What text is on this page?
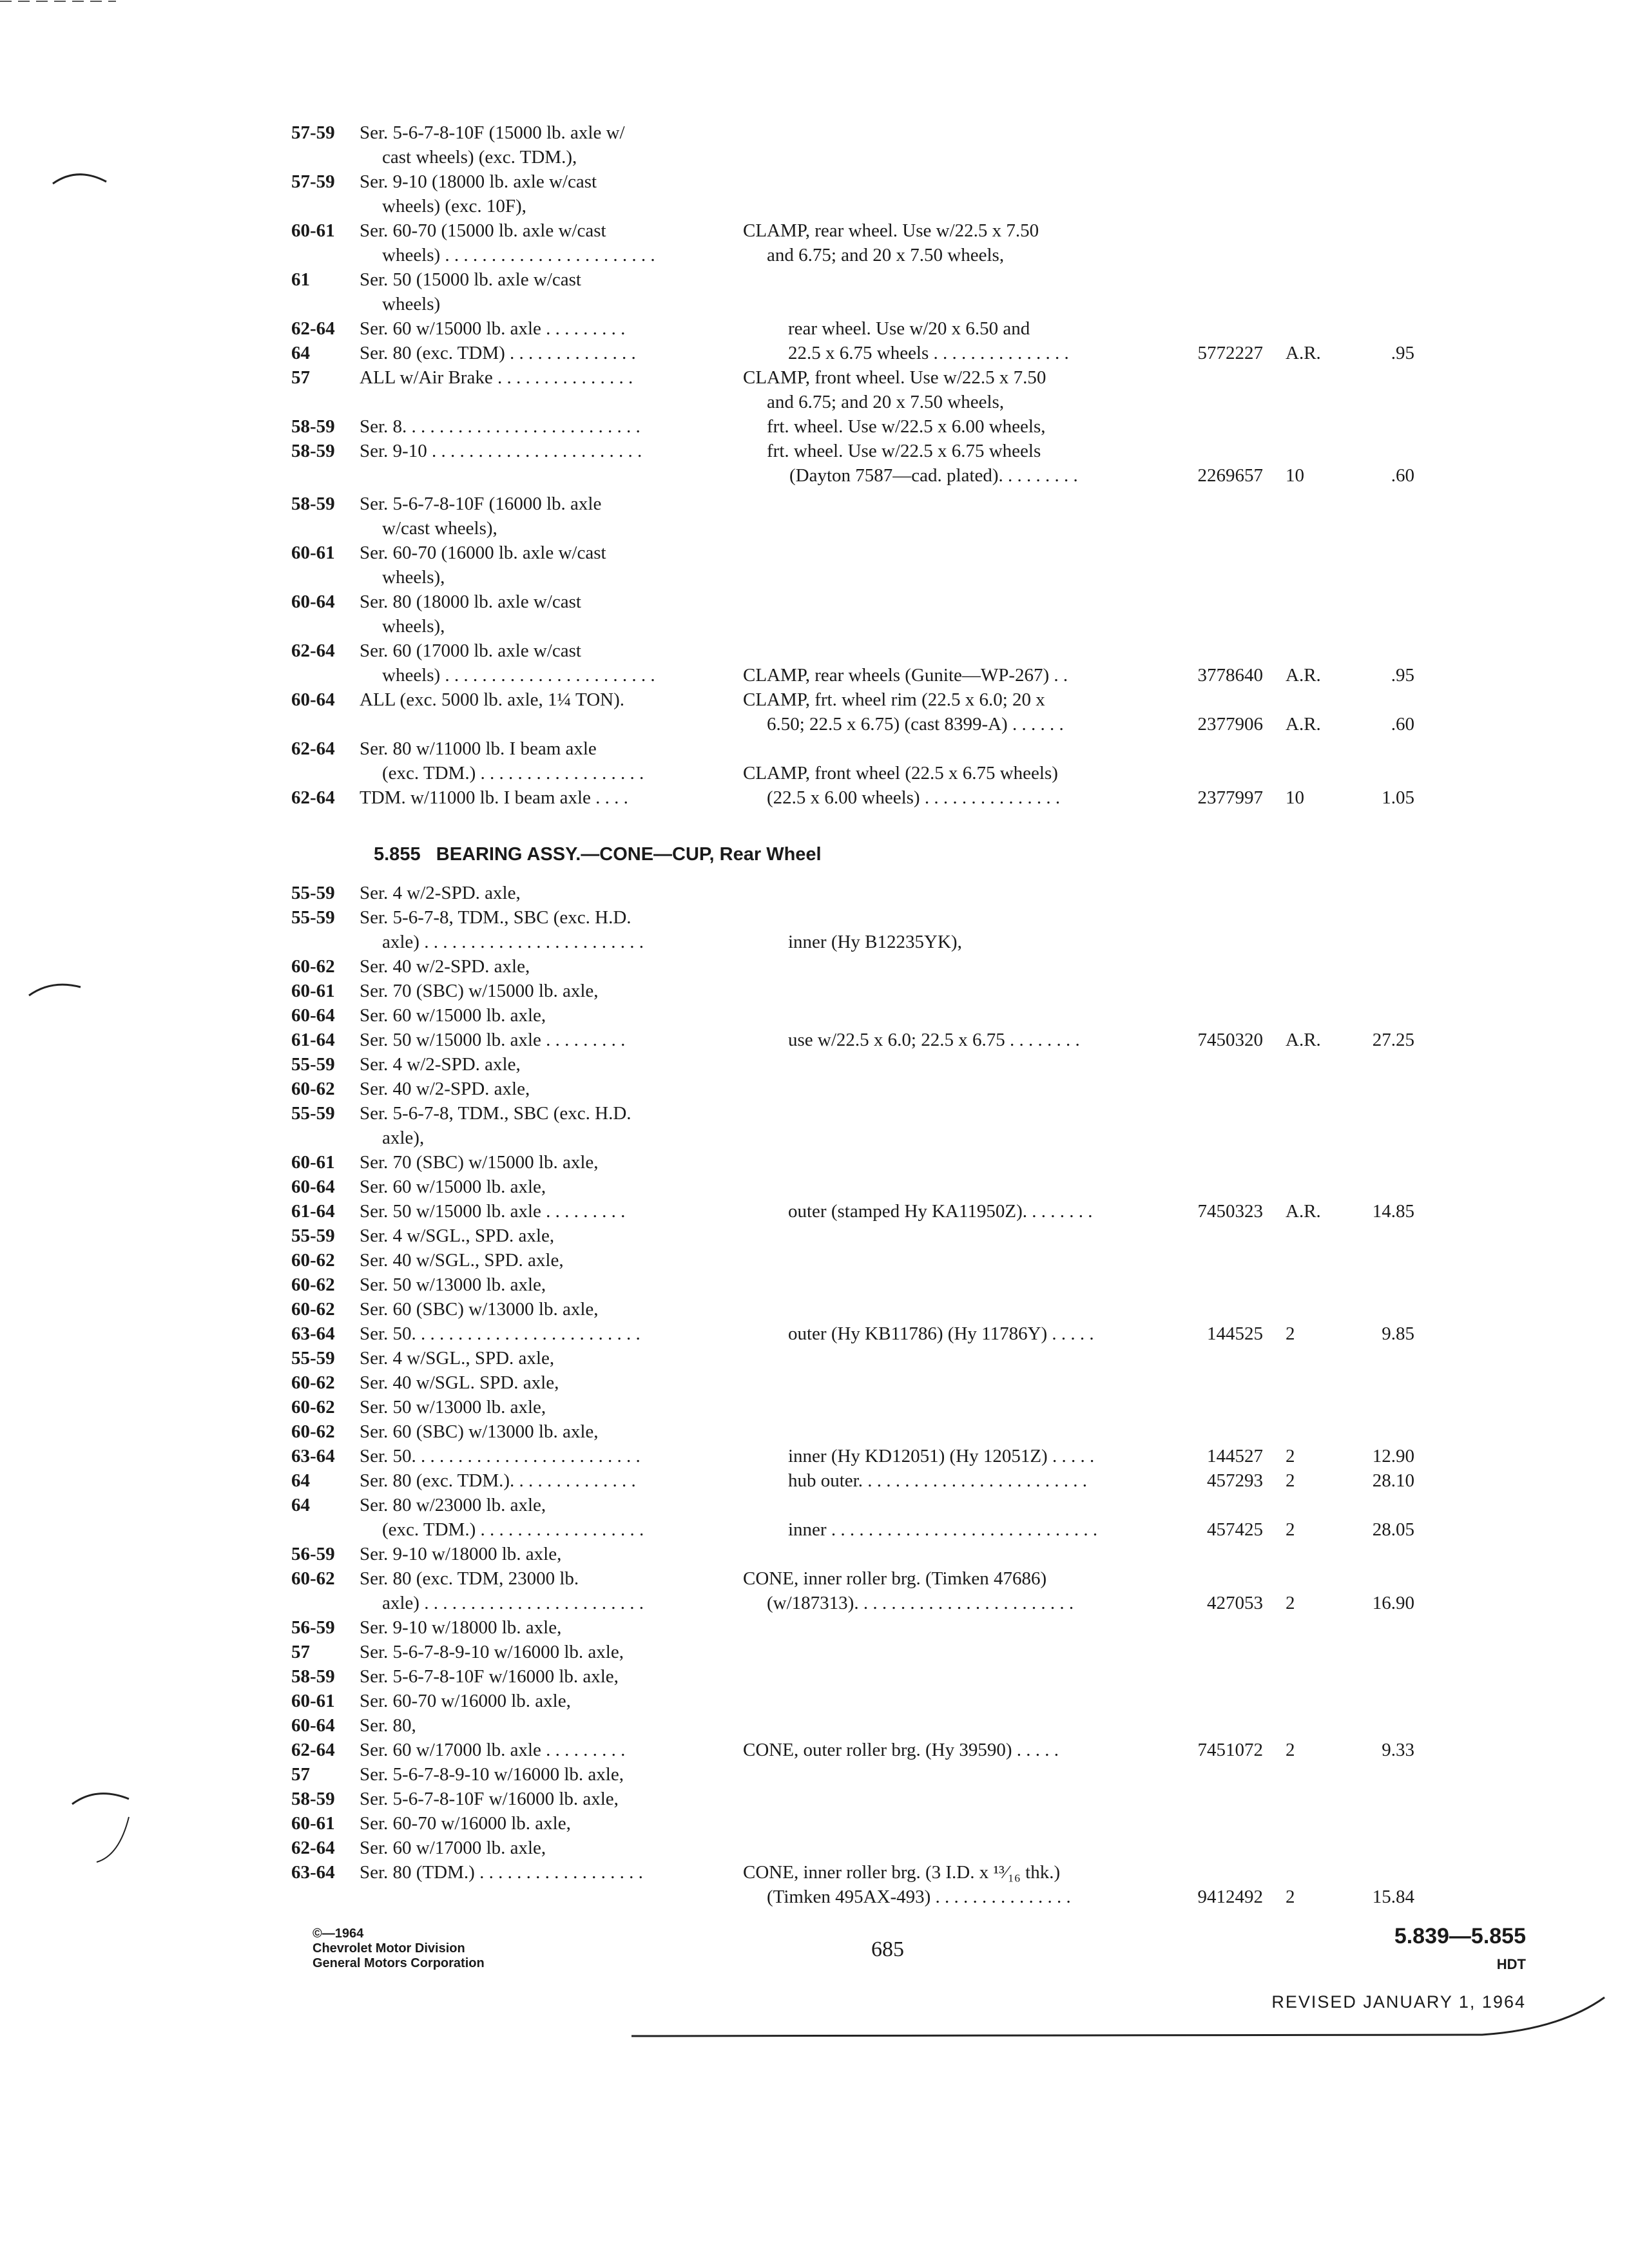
57-59 Ser. 5-6-7-8-10F (15000 lb. axle w/
cast wheels) (exc. TDM.),
57-59 Ser. 9-10 (18000 lb. axle w/cast
wheels) (exc. 10F),
60-61 Ser. 60-70 (15000 lb. axle w/cast	CLAMP, rear wheel. Use w/22.5 x 7.50
wheels) . . . . . . . . . . . . . . . . . . . . . . .	and 6.75; and 20 x 7.50 wheels,
61	Ser. 50 (15000 lb. axle w/cast
wheels)
62-64 Ser. 60 w/15000 lb. axle . . . . . . . . .	rear wheel. Use w/20 x 6.50 and
64	Ser. 80 (exc. TDM) . . . . . . . . . . . . . .	22.5 x 6.75 wheels . . . . . . . . . . . . . . .	5772227 A.R.	.95
57	ALL w/Air Brake . . . . . . . . . . . . . . .	CLAMP, front wheel. Use w/22.5 x 7.50
and 6.75; and 20 x 7.50 wheels,
58-59 Ser. 8. . . . . . . . . . . . . . . . . . . . . . . . . .	frt. wheel. Use w/22.5 x 6.00 wheels,
58-59 Ser. 9-10 . . . . . . . . . . . . . . . . . . . . . . .	frt. wheel. Use w/22.5 x 6.75 wheels
(Dayton 7587—cad. plated). . . . . . . . .	2269657 10	.60
58-59 Ser. 5-6-7-8-10F (16000 lb. axle
w/cast wheels),
60-61 Ser. 60-70 (16000 lb. axle w/cast
wheels),
60-64 Ser. 80 (18000 lb. axle w/cast
wheels),
62-64 Ser. 60 (17000 lb. axle w/cast
wheels) . . . . . . . . . . . . . . . . . . . . . . .	CLAMP, rear wheels (Gunite—WP-267) . .	3778640 A.R.	.95
60-64 ALL (exc. 5000 lb. axle, 1¼ TON).	CLAMP, frt. wheel rim (22.5 x 6.0; 20 x
6.50; 22.5 x 6.75) (cast 8399-A) . . . . . .	2377906 A.R.	.60
62-64 Ser. 80 w/11000 lb. I beam axle
(exc. TDM.) . . . . . . . . . . . . . . . . . .	CLAMP, front wheel (22.5 x 6.75 wheels)
62-64 TDM. w/11000 lb. I beam axle . . . .	(22.5 x 6.00 wheels) . . . . . . . . . . . . . . .	2377997 10	1.05
55-59 Ser. 4 w/2-SPD. axle,
55-59 Ser. 5-6-7-8, TDM., SBC (exc. H.D.
axle) . . . . . . . . . . . . . . . . . . . . . . . .	inner (Hy B12235YK),
60-62 Ser. 40 w/2-SPD. axle,
60-61 Ser. 70 (SBC) w/15000 lb. axle,
60-64 Ser. 60 w/15000 lb. axle,
61-64 Ser. 50 w/15000 lb. axle . . . . . . . . .	use w/22.5 x 6.0; 22.5 x 6.75 . . . . . . . .	7450320 A.R.	27.25
55-59 Ser. 4 w/2-SPD. axle,
60-62 Ser. 40 w/2-SPD. axle,
55-59 Ser. 5-6-7-8, TDM., SBC (exc. H.D.
axle),
60-61 Ser. 70 (SBC) w/15000 lb. axle,
60-64 Ser. 60 w/15000 lb. axle,
61-64 Ser. 50 w/15000 lb. axle . . . . . . . . .	outer (stamped Hy KA11950Z). . . . . . . .	7450323 A.R.	14.85
55-59 Ser. 4 w/SGL., SPD. axle,
60-62 Ser. 40 w/SGL., SPD. axle,
60-62 Ser. 50 w/13000 lb. axle,
60-62 Ser. 60 (SBC) w/13000 lb. axle,
63-64 Ser. 50. . . . . . . . . . . . . . . . . . . . . . . . .	outer (Hy KB11786) (Hy 11786Y) . . . . .	144525 2	9.85
55-59 Ser. 4 w/SGL., SPD. axle,
60-62 Ser. 40 w/SGL. SPD. axle,
60-62 Ser. 50 w/13000 lb. axle,
60-62 Ser. 60 (SBC) w/13000 lb. axle,
63-64 Ser. 50. . . . . . . . . . . . . . . . . . . . . . . . .	inner (Hy KD12051) (Hy 12051Z) . . . . .	144527 2	12.90
64	Ser. 80 (exc. TDM.). . . . . . . . . . . . . .	hub outer. . . . . . . . . . . . . . . . . . . . . . . . .	457293 2	28.10
64	Ser. 80 w/23000 lb. axle,
(exc. TDM.) . . . . . . . . . . . . . . . . . .	inner . . . . . . . . . . . . . . . . . . . . . . . . . . . . .	457425 2	28.05
56-59 Ser. 9-10 w/18000 lb. axle,
60-62 Ser. 80 (exc. TDM, 23000 lb.	CONE, inner roller brg. (Timken 47686)
axle) . . . . . . . . . . . . . . . . . . . . . . . .	(w/187313). . . . . . . . . . . . . . . . . . . . . . . .	427053 2	16.90
56-59 Ser. 9-10 w/18000 lb. axle,
57	Ser. 5-6-7-8-9-10 w/16000 lb. axle,
58-59 Ser. 5-6-7-8-10F w/16000 lb. axle,
60-61 Ser. 60-70 w/16000 lb. axle,
60-64 Ser. 80,
62-64 Ser. 60 w/17000 lb. axle . . . . . . . . .	CONE, outer roller brg. (Hy 39590) . . . . .	7451072 2	9.33
57	Ser. 5-6-7-8-9-10 w/16000 lb. axle,
58-59 Ser. 5-6-7-8-10F w/16000 lb. axle,
60-61 Ser. 60-70 w/16000 lb. axle,
62-64 Ser. 60 w/17000 lb. axle,
63-64 Ser. 80 (TDM.) . . . . . . . . . . . . . . . . . .	CONE, inner roller brg. (3 I.D. x ¹³⁄₁₆ thk.)
(Timken 495AX-493) . . . . . . . . . . . . . . .	9412492 2	15.84
5.855 BEARING ASSY.—CONE—CUP, Rear Wheel
©—1964
Chevrolet Motor Division
General Motors Corporation
685
5.839—5.855
HDT
REVISED JANUARY 1, 1964
